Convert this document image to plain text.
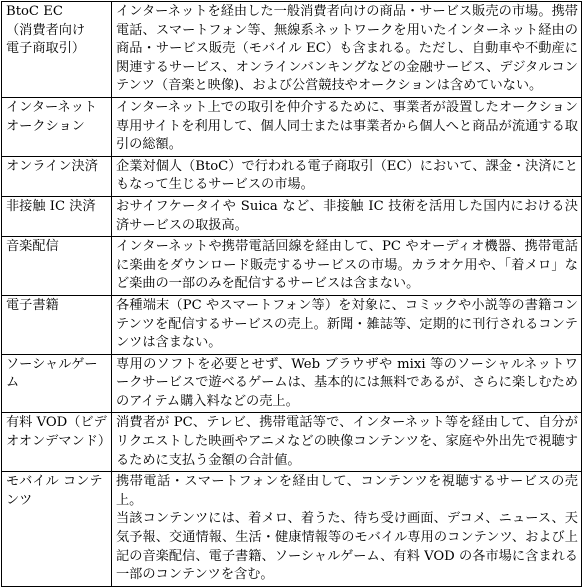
BtoC EC
（消費者向け
電子商取引）	インターネットを経由した一般消費者向けの商品・サービス販売の市場。携帯電話、スマートフォン等、無線系ネットワークを用いたインターネット経由の商品・サービス販売（モバイル EC）も含まれる。ただし、自動車や不動産に関連するサービス、オンラインバンキングなどの金融サービス、デジタルコンテンツ（音楽と映像)、および公営競技やオークションは含めていない。

インターネットオークション	インターネット上での取引を仲介するために、事業者が設置したオークション専用サイトを利用して、個人同士または事業者から個人へと商品が流通する取引の総額。

オンライン決済	企業対個人（BtoC）で行われる電子商取引（EC）において、課金・決済にともなって生じるサービスの市場。

非接触 IC 決済	おサイフケータイや Suica など、非接触 IC 技術を活用した国内における決済サービスの取扱高。

音楽配信	インターネットや携帯電話回線を経由して、PC やオーディオ機器、携帯電話に楽曲をダウンロード販売するサービスの市場。カラオケ用や、「着メロ」など楽曲の一部のみを配信するサービスは含まない。

電子書籍	各種端末（PC やスマートフォン等）を対象に、コミックや小説等の書籍コンテンツを配信するサービスの売上。新聞・雑誌等、定期的に刊行されるコンテンツは含まない。

ソーシャルゲーム	専用のソフトを必要とせず、Web ブラウザや mixi 等のソーシャルネットワークサービスで遊べるゲームは、基本的には無料であるが、さらに楽しむためのアイテム購入料などの売上。

有料 VOD（ビデオオンデマンド）	消費者が PC、テレビ、携帯電話等で、インターネット等を経由して、自分がリクエストした映画やアニメなどの映像コンテンツを、家庭や外出先で視聴するために支払う金額の合計値。

モバイル コンテンツ	携帯電話・スマートフォンを経由して、コンテンツを視聴するサービスの売上。
当該コンテンツには、着メロ、着うた、待ち受け画面、デコメ、ニュース、天気予報、交通情報、生活・健康情報等のモバイル専用のコンテンツ、および上記の音楽配信、電子書籍、ソーシャルゲーム、有料 VOD の各市場に含まれる一部のコンテンツを含む。
